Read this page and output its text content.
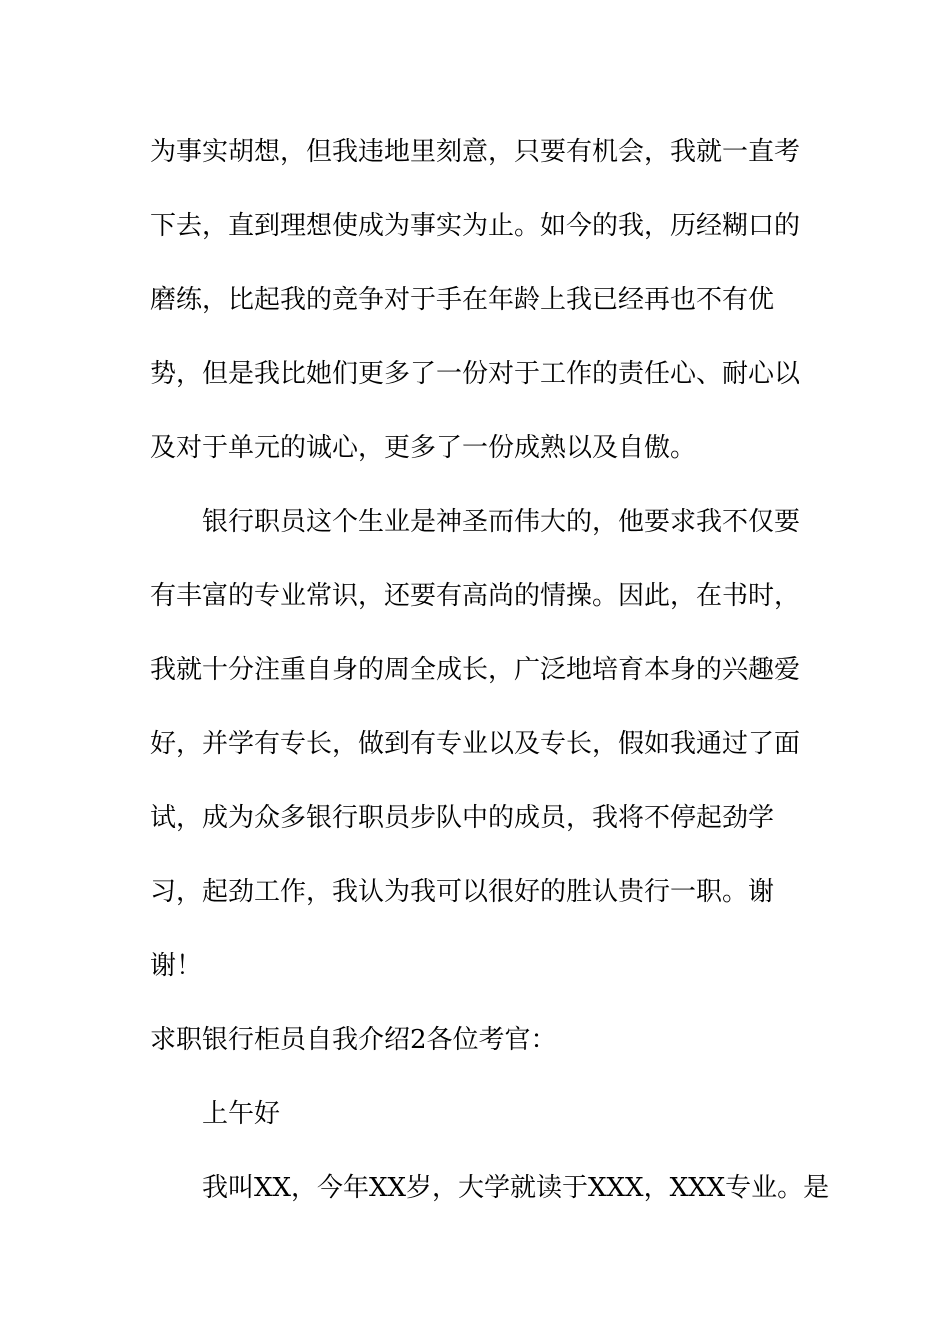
为事实胡想，但我违地里刻意，只要有机会，我就一直考
下去，直到理想使成为事实为止。如今的我，历经糊口的
磨练，比起我的竞争对于手在年龄上我已经再也不有优
势，但是我比她们更多了一份对于工作的责任心、耐心以
及对于单元的诚心，更多了一份成熟以及自傲。
银行职员这个生业是神圣而伟大的，他要求我不仅要
有丰富的专业常识，还要有高尚的情操。因此，在书时，
我就十分注重自身的周全成长，广泛地培育本身的兴趣爱
好，并学有专长，做到有专业以及专长，假如我通过了面
试，成为众多银行职员步队中的成员，我将不停起劲学
习，起劲工作，我认为我可以很好的胜认贵行一职。谢
谢！
求职银行柜员自我介绍2各位考官：
上午好
我叫XX，今年XX岁，大学就读于XXX，XXX专业。是
